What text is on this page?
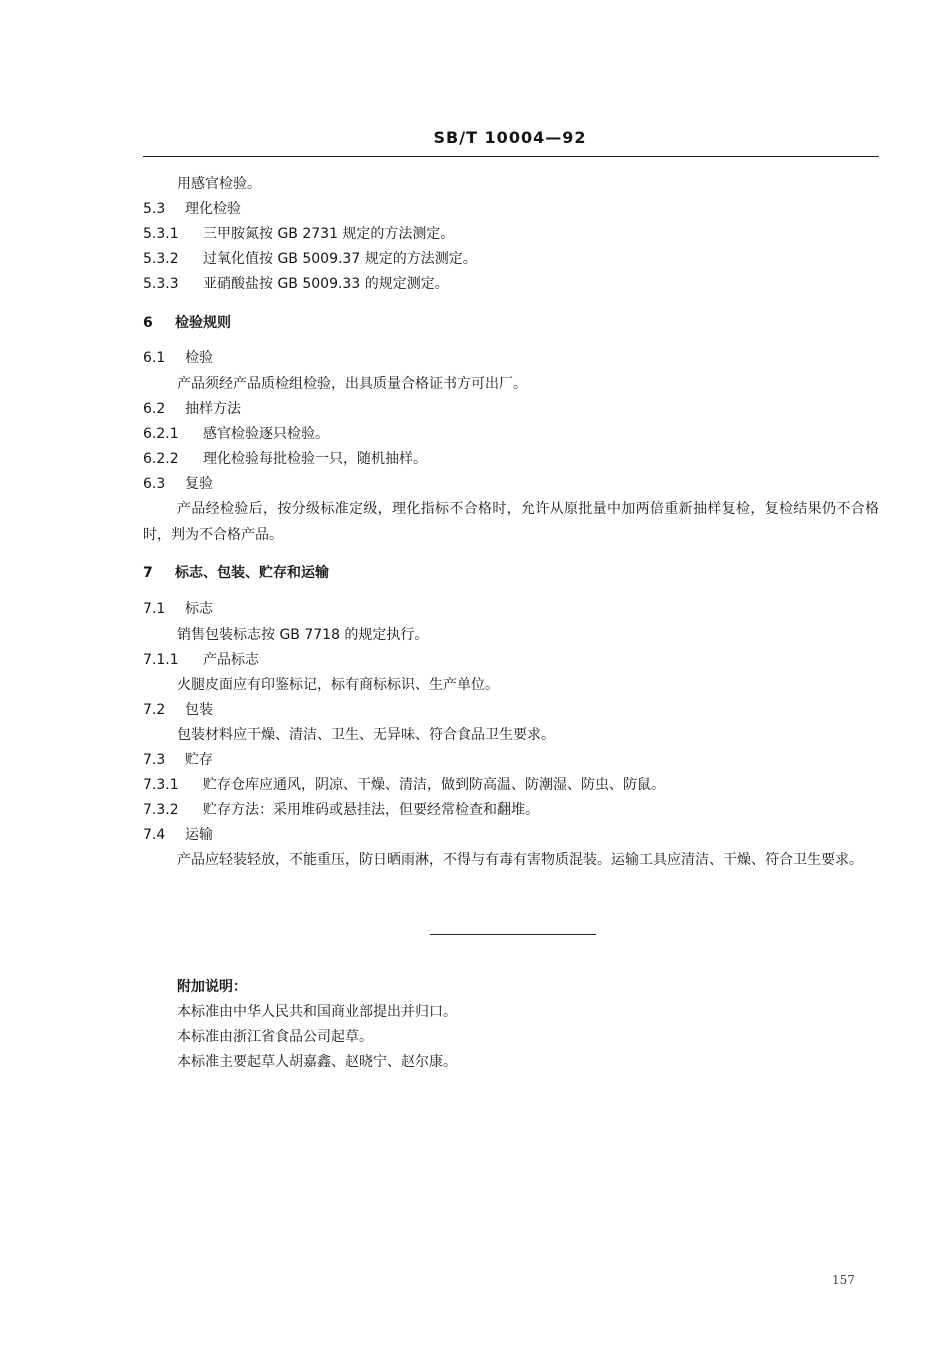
SB/T 10004—92
用感官检验。
5.3 理化检验
5.3.1 三甲胺氮按 GB 2731 规定的方法测定。
5.3.2 过氧化值按 GB 5009.37 规定的方法测定。
5.3.3 亚硝酸盐按 GB 5009.33 的规定测定。
6 检验规则
6.1 检验
产品须经产品质检组检验，出具质量合格证书方可出厂。
6.2 抽样方法
6.2.1 感官检验逐只检验。
6.2.2 理化检验每批检验一只，随机抽样。
6.3 复验
产品经检验后，按分级标准定级，理化指标不合格时，允许从原批量中加两倍重新抽样复检，复检结果仍不合格时，判为不合格产品。
7 标志、包装、贮存和运输
7.1 标志
销售包装标志按 GB 7718 的规定执行。
7.1.1 产品标志
火腿皮面应有印鉴标记，标有商标标识、生产单位。
7.2 包装
包装材料应干燥、清洁、卫生、无异味、符合食品卫生要求。
7.3 贮存
7.3.1 贮存仓库应通风，阴凉、干燥、清洁，做到防高温、防潮湿、防虫、防鼠。
7.3.2 贮存方法：采用堆码或悬挂法，但要经常检查和翻堆。
7.4 运输
产品应轻装轻放，不能重压，防日晒雨淋，不得与有毒有害物质混装。运输工具应清洁、干燥、符合卫生要求。
附加说明：
本标准由中华人民共和国商业部提出并归口。
本标准由浙江省食品公司起草。
本标准主要起草人胡嘉鑫、赵晓宁、赵尔康。
157
